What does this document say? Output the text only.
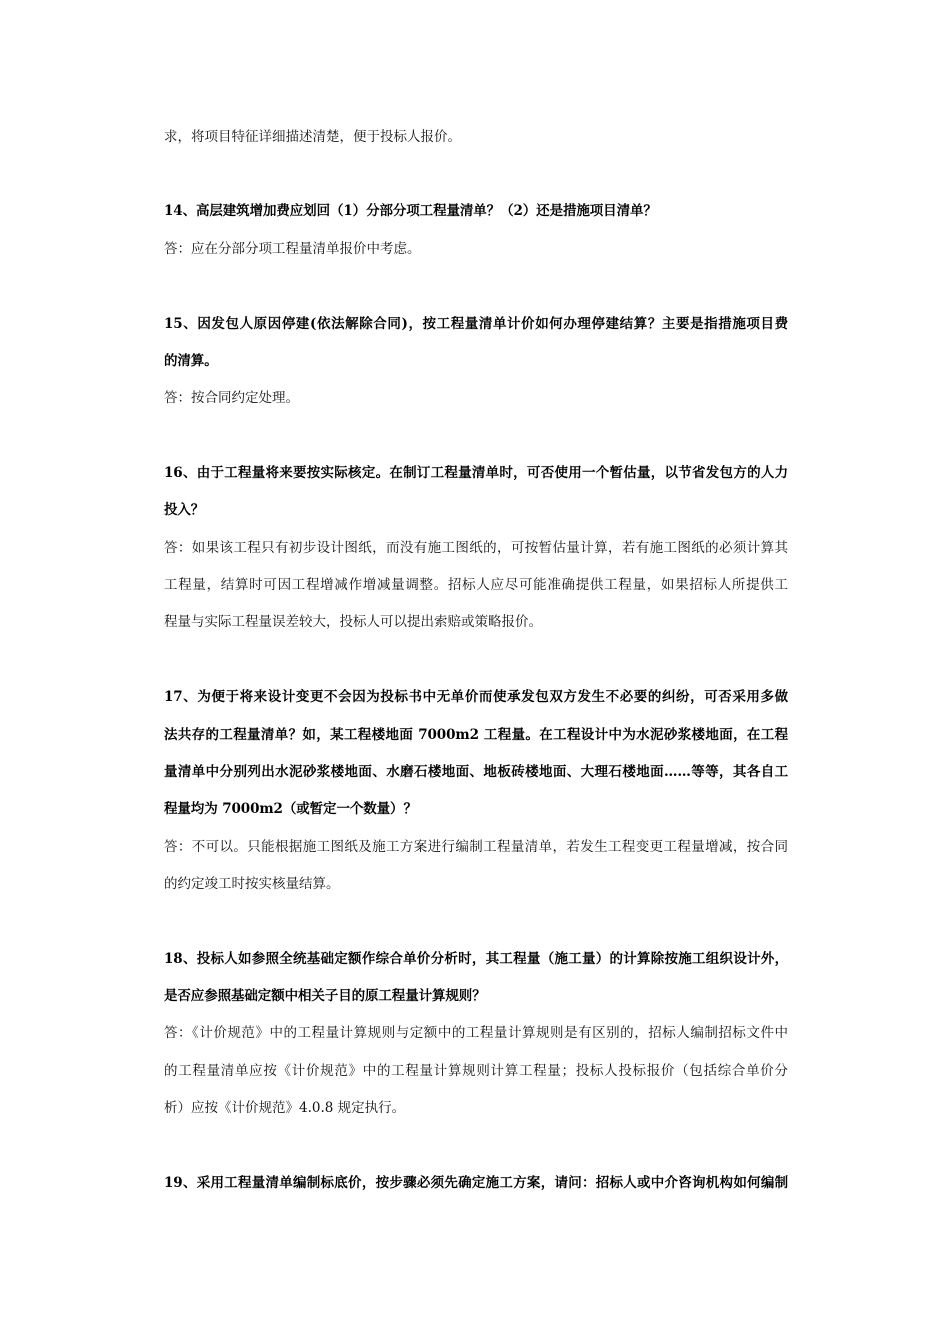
求，将项目特征详细描述清楚，便于投标人报价。
14、高层建筑增加费应划回（1）分部分项工程量清单？（2）还是措施项目清单？
答：应在分部分项工程量清单报价中考虑。
15、因发包人原因停建(依法解除合同)，按工程量清单计价如何办理停建结算？主要是指措施项目费
的清算。
答：按合同约定处理。
16、由于工程量将来要按实际核定。在制订工程量清单时，可否使用一个暂估量，以节省发包方的人力
投入？
答：如果该工程只有初步设计图纸，而没有施工图纸的，可按暂估量计算，若有施工图纸的必须计算其
工程量，结算时可因工程增减作增减量调整。招标人应尽可能准确提供工程量，如果招标人所提供工
程量与实际工程量误差较大，投标人可以提出索赔或策略报价。
17、为便于将来设计变更不会因为投标书中无单价而使承发包双方发生不必要的纠纷，可否采用多做
法共存的工程量清单？如，某工程楼地面 7000m2 工程量。在工程设计中为水泥砂浆楼地面，在工程
量清单中分别列出水泥砂浆楼地面、水磨石楼地面、地板砖楼地面、大理石楼地面……等等，其各自工
程量均为 7000m2（或暂定一个数量）？
答：不可以。只能根据施工图纸及施工方案进行编制工程量清单，若发生工程变更工程量增减，按合同
的约定竣工时按实核量结算。
18、投标人如参照全统基础定额作综合单价分析时，其工程量（施工量）的计算除按施工组织设计外，
是否应参照基础定额中相关子目的原工程量计算规则？
答：《计价规范》中的工程量计算规则与定额中的工程量计算规则是有区别的，招标人编制招标文件中
的工程量清单应按《计价规范》中的工程量计算规则计算工程量；投标人投标报价（包括综合单价分
析）应按《计价规范》4.0.8 规定执行。
19、采用工程量清单编制标底价，按步骤必须先确定施工方案，请问：招标人或中介咨询机构如何编制
